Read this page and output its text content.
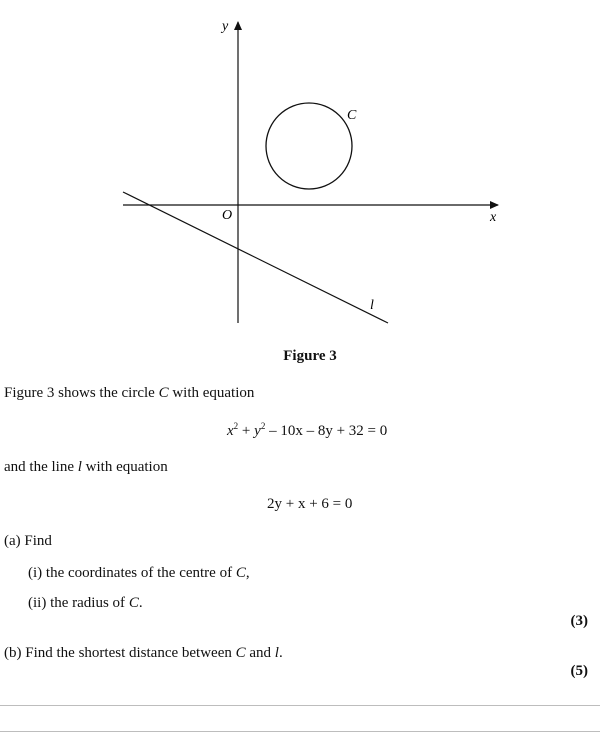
y
x
O
C
l
Figure 3
Figure 3 shows the circle C with equation
$x^2 + y^2 - 10x - 8y + 32 = 0$
and the line l with equation
2y + x + 6 = 0
(a) Find
(i) the coordinates of the centre of C,
(ii) the radius of C.
(3)
(b) Find the shortest distance between C and l.
(5)
